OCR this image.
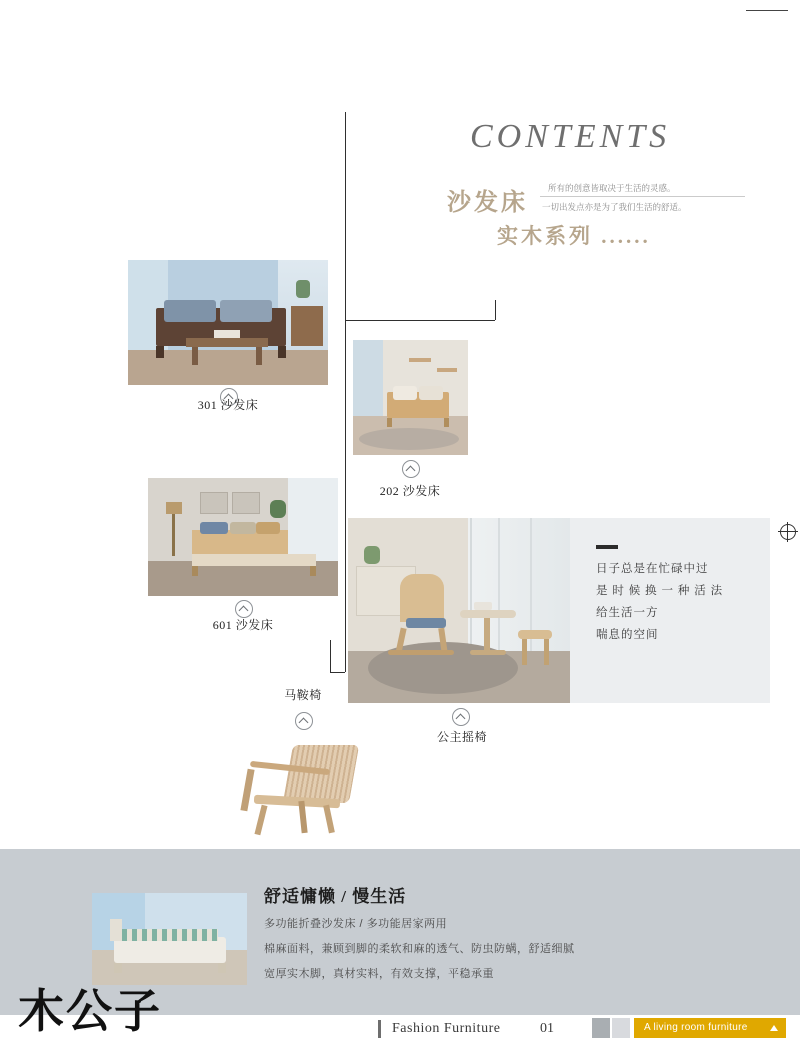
CONTENTS
沙发床
实木系列 ......
所有的创意皆取决于生活的灵感。
一切出发点亦是为了我们生活的舒适。
301 沙发床
202 沙发床
601 沙发床
公主摇椅
日子总是在忙碌中过
是 时 候 换 一 种 活 法
给生活一方
喘息的空间
马鞍椅
舒适慵懒 / 慢生活
多功能折叠沙发床 / 多功能居家两用
棉麻面料，兼顾到脚的柔软和麻的透气、防虫防螨，舒适细腻
宽厚实木脚，真材实料，有效支撑，平稳承重
木公子	Fashion Furniture	01	A living room furniture
